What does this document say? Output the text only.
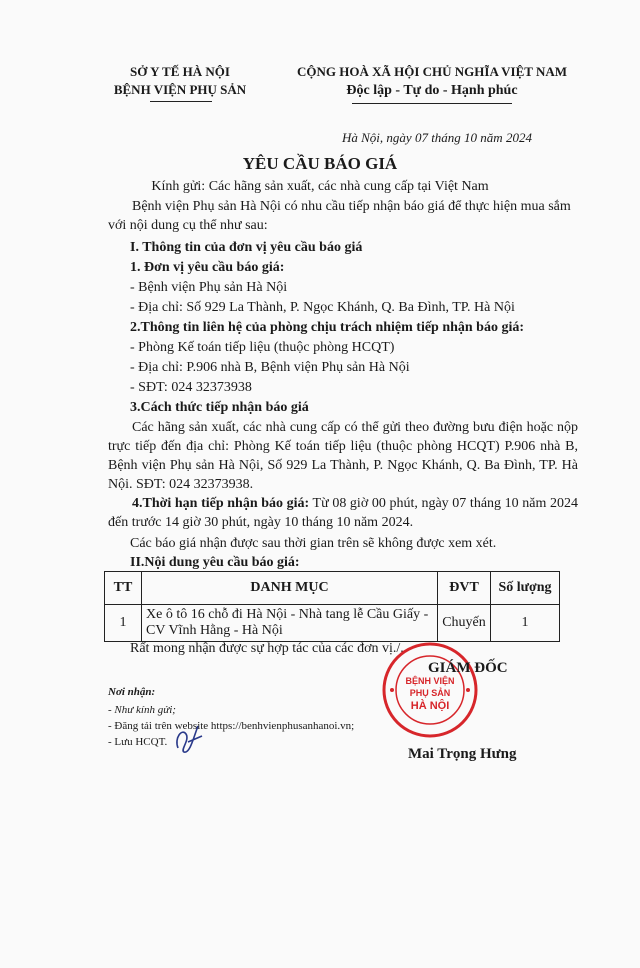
SỞ Y TẾ HÀ NỘI
BỆNH VIỆN PHỤ SẢN
CỘNG HOÀ XÃ HỘI CHỦ NGHĨA VIỆT NAM
Độc lập - Tự do - Hạnh phúc
Hà Nội, ngày 07 tháng 10 năm 2024
YÊU CẦU BÁO GIÁ
Kính gửi: Các hãng sản xuất, các nhà cung cấp tại Việt Nam
Bệnh viện Phụ sản Hà Nội có nhu cầu tiếp nhận báo giá để thực hiện mua sắm với nội dung cụ thể như sau:
I. Thông tin của đơn vị yêu cầu báo giá
1. Đơn vị yêu cầu báo giá:
- Bệnh viện Phụ sản Hà Nội
- Địa chỉ: Số 929 La Thành, P. Ngọc Khánh, Q. Ba Đình, TP. Hà Nội
2.Thông tin liên hệ của phòng chịu trách nhiệm tiếp nhận báo giá:
- Phòng Kế toán tiếp liệu (thuộc phòng HCQT)
- Địa chỉ: P.906 nhà B, Bệnh viện Phụ sản Hà Nội
- SĐT: 024 32373938
3.Cách thức tiếp nhận báo giá
Các hãng sản xuất, các nhà cung cấp có thể gửi theo đường bưu điện hoặc nộp trực tiếp đến địa chỉ: Phòng Kế toán tiếp liệu (thuộc phòng HCQT) P.906 nhà B, Bệnh viện Phụ sản Hà Nội, Số 929 La Thành, P. Ngọc Khánh, Q. Ba Đình, TP. Hà Nội. SĐT: 024 32373938.
4.Thời hạn tiếp nhận báo giá: Từ 08 giờ 00 phút, ngày 07 tháng 10 năm 2024 đến trước 14 giờ 30 phút, ngày 10 tháng 10 năm 2024.
Các báo giá nhận được sau thời gian trên sẽ không được xem xét.
II.Nội dung yêu cầu báo giá:
TT	DANH MỤC	ĐVT	Số lượng
1	Xe ô tô 16 chỗ đi Hà Nội - Nhà tang lễ Cầu Giấy - CV Vĩnh Hằng - Hà Nội	Chuyến	1
Rất mong nhận được sự hợp tác của các đơn vị./.
Nơi nhận:
- Như kính gửi;
- Đăng tải trên website https://benhvienphusanhanoi.vn;
- Lưu HCQT.
BỆNH VIỆN
PHỤ SẢN
HÀ NỘI
GIÁM ĐỐC
Mai Trọng Hưng
